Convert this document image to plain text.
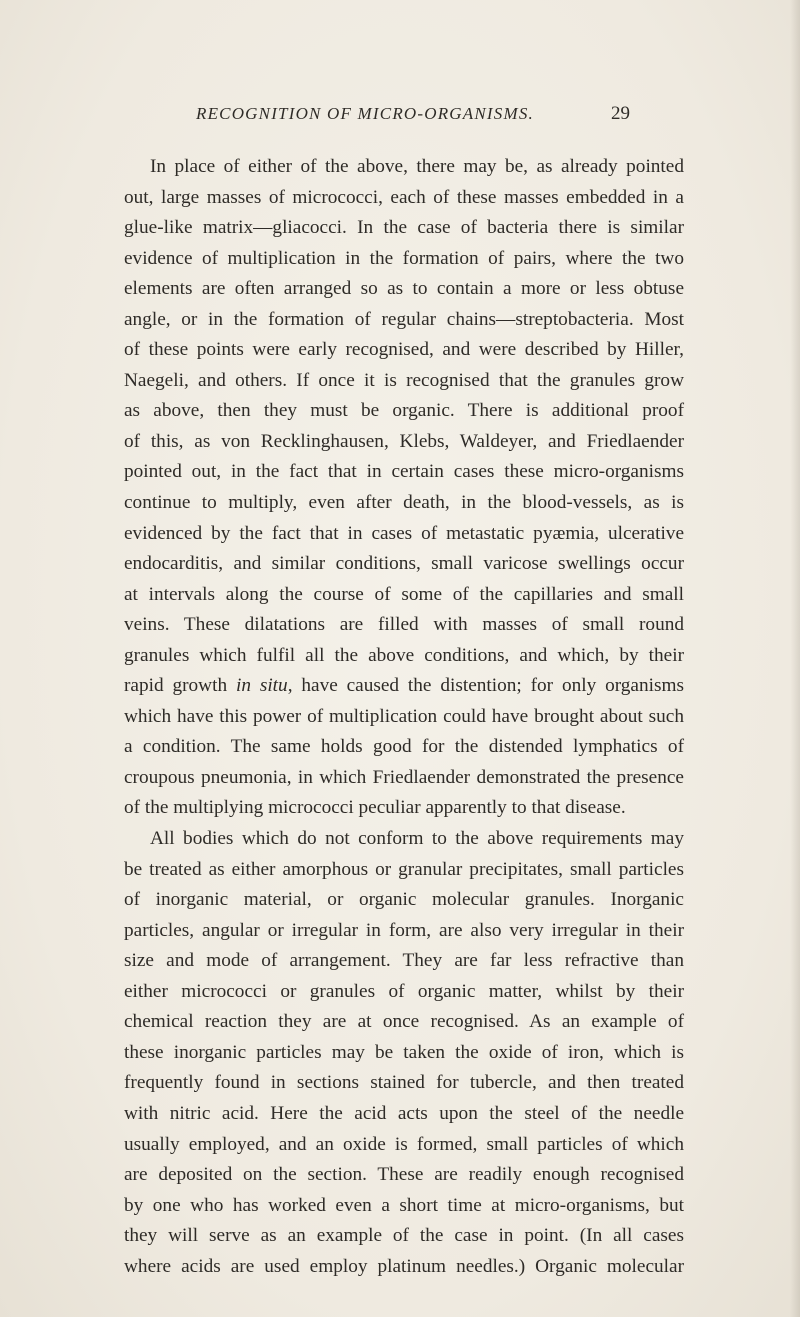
RECOGNITION OF MICRO-ORGANISMS.	29
In place of either of the above, there may be, as already pointed
out, large masses of micrococci, each of these masses embedded in a
glue-like matrix—gliacocci. In the case of bacteria there is similar
evidence of multiplication in the formation of pairs, where the two
elements are often arranged so as to contain a more or less obtuse
angle, or in the formation of regular chains—streptobacteria. Most
of these points were early recognised, and were described by Hiller,
Naegeli, and others. If once it is recognised that the granules grow
as above, then they must be organic. There is additional proof
of this, as von Recklinghausen, Klebs, Waldeyer, and Friedlaender
pointed out, in the fact that in certain cases these micro-organisms
continue to multiply, even after death, in the blood-vessels, as is
evidenced by the fact that in cases of metastatic pyæmia, ulcerative
endocarditis, and similar conditions, small varicose swellings occur
at intervals along the course of some of the capillaries and small
veins. These dilatations are filled with masses of small round
granules which fulfil all the above conditions, and which, by their
rapid growth in situ, have caused the distention; for only organisms
which have this power of multiplication could have brought about such
a condition. The same holds good for the distended lymphatics of
croupous pneumonia, in which Friedlaender demonstrated the presence
of the multiplying micrococci peculiar apparently to that disease.
All bodies which do not conform to the above requirements may
be treated as either amorphous or granular precipitates, small particles
of inorganic material, or organic molecular granules. Inorganic
particles, angular or irregular in form, are also very irregular in their
size and mode of arrangement. They are far less refractive than
either micrococci or granules of organic matter, whilst by their
chemical reaction they are at once recognised. As an example of
these inorganic particles may be taken the oxide of iron, which is
frequently found in sections stained for tubercle, and then treated
with nitric acid. Here the acid acts upon the steel of the needle
usually employed, and an oxide is formed, small particles of which
are deposited on the section. These are readily enough recognised
by one who has worked even a short time at micro-organisms, but
they will serve as an example of the case in point. (In all cases
where acids are used employ platinum needles.) Organic molecular
